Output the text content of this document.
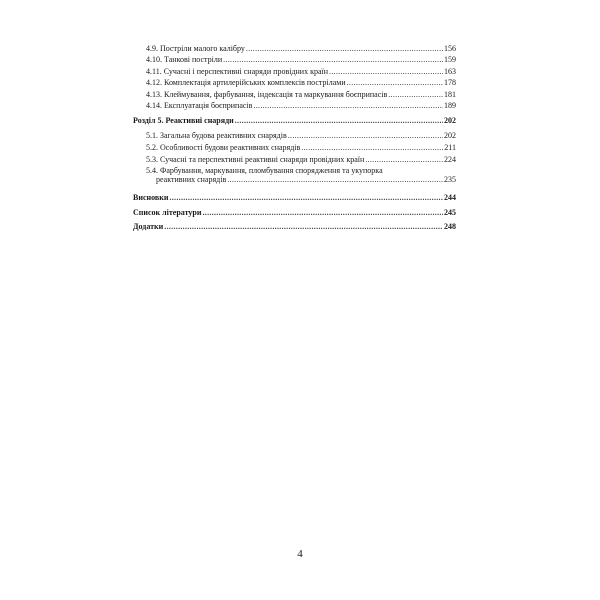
4.9. Постріли малого калібру .....	156
4.10. Танкові постріли .....	159
4.11. Сучасні і перспективні снаряди провідних країн .....	163
4.12. Комплектація артилерійських комплексів пострілами .....	178
4.13. Клеймування, фарбування, індексація та маркування боєприпасів .....	181
4.14. Експлуатація боєприпасів .....	189
Розділ 5. Реактивні снаряди .....	202
5.1. Загальна будова реактивних снарядів .....	202
5.2. Особливості будови реактивних снарядів .....	211
5.3. Сучасні та перспективні реактивні снаряди провідних країн .....	224
5.4. Фарбування, маркування, пломбування спорядження та укупорка
реактивних снарядів .....	235
Висновки .....	244
Список літератури .....	245
Додатки .....	248
4
